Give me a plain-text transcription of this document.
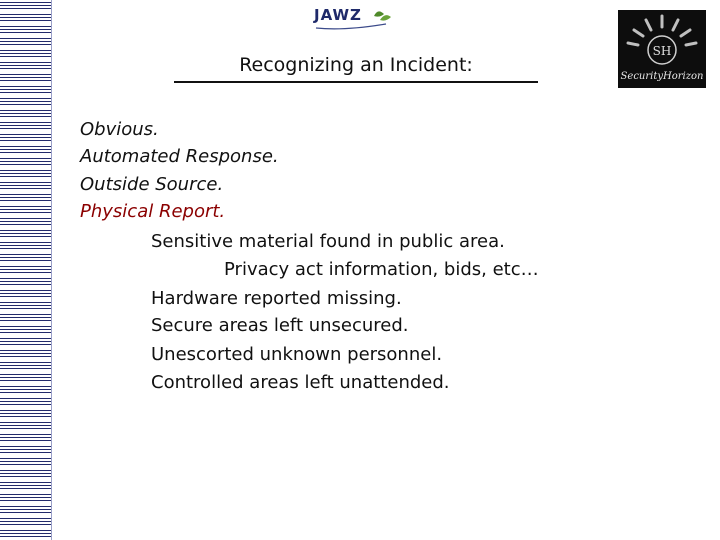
JAWZ
SH
SecurityHorizon
Recognizing an Incident:
Obvious.
Automated Response.
Outside Source.
Physical Report.
Sensitive material found in public area.
Privacy act information, bids, etc…
Hardware reported missing.
Secure areas left unsecured.
Unescorted unknown personnel.
Controlled areas left unattended.
